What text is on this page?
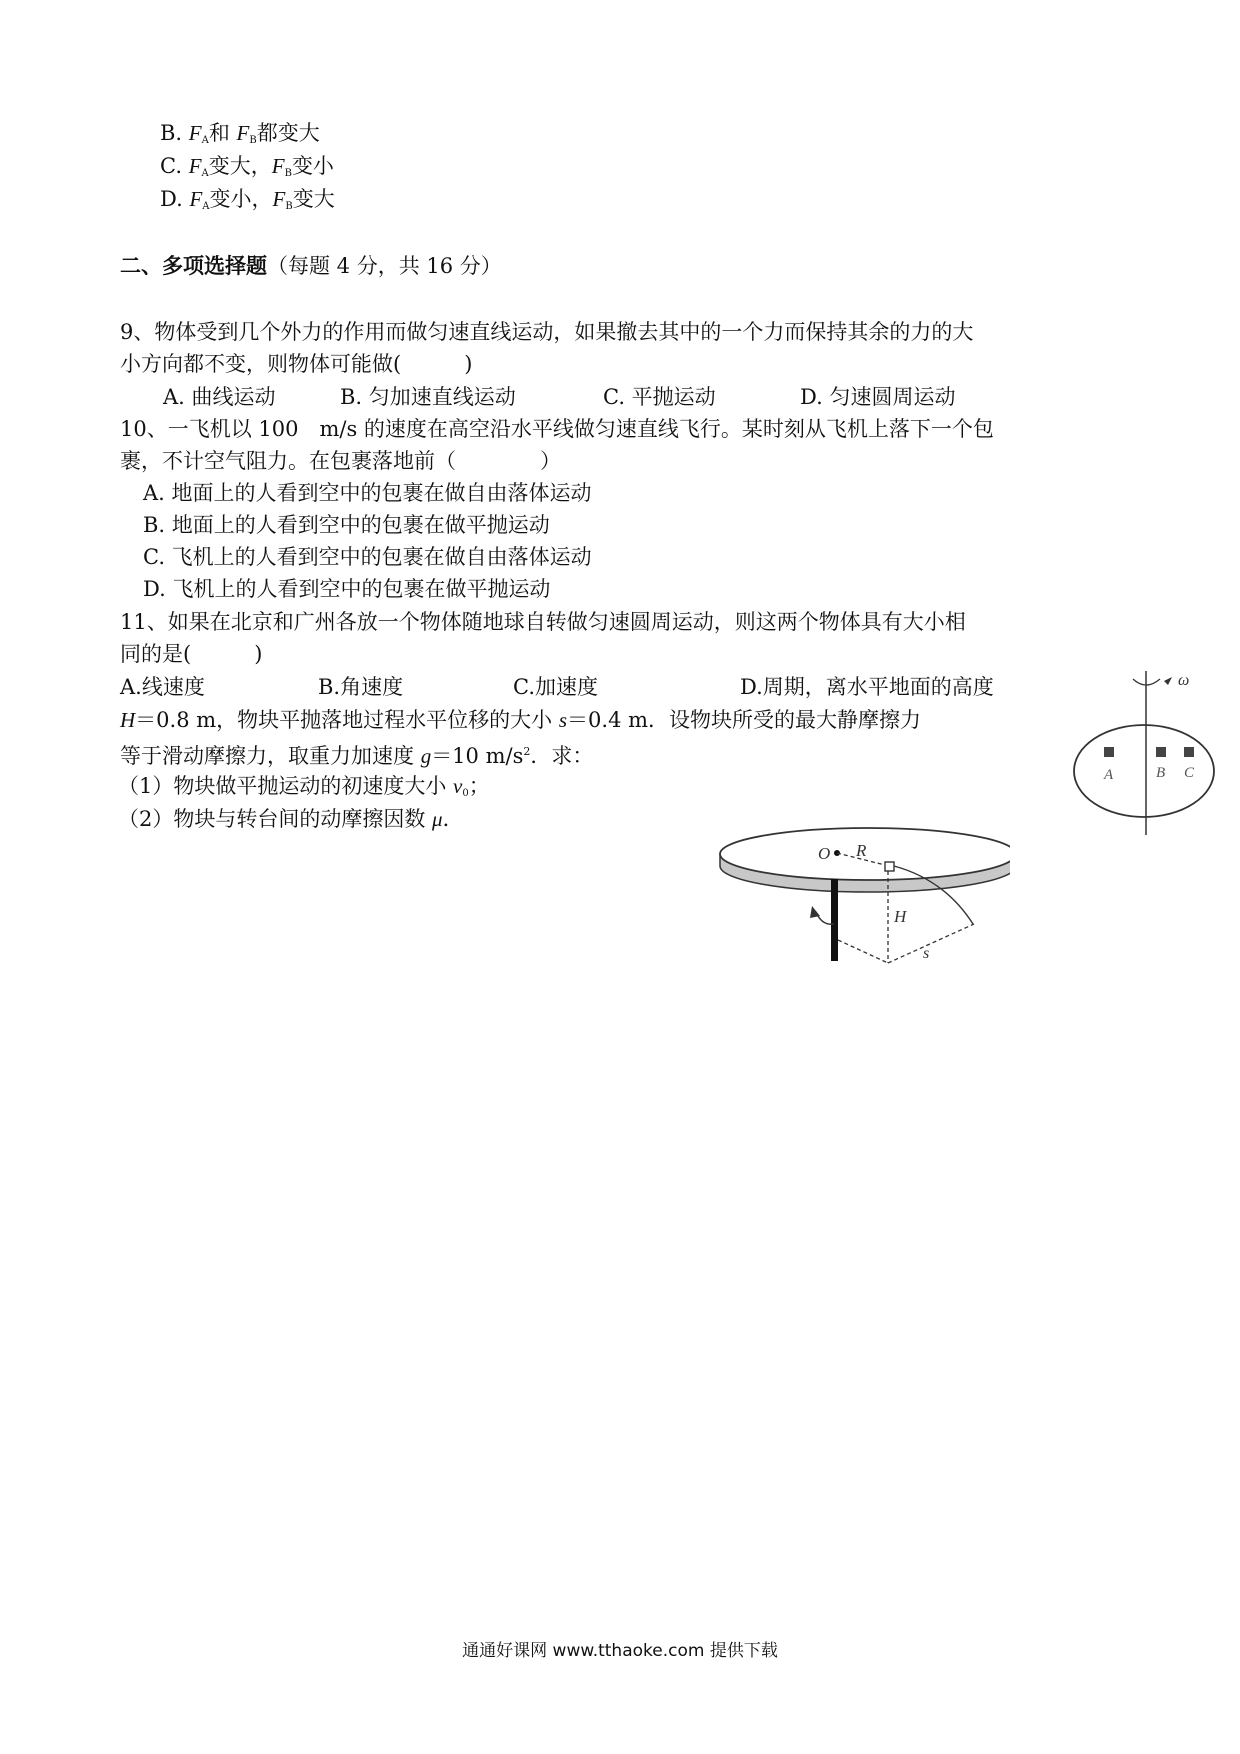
B. $F_A$和 $F_B$都变大
C. $F_A$变大，$F_B$变小
D. $F_A$变小，$F_B$变大
二、多项选择题（每题 4 分，共 16 分）
9、物体受到几个外力的作用而做匀速直线运动，如果撤去其中的一个力而保持其余的力的大
小方向都不变，则物体可能做(　　　)
A. 曲线运动	B. 匀加速直线运动	C. 平抛运动	D. 匀速圆周运动
10、一飞机以 100　m/s 的速度在高空沿水平线做匀速直线飞行。某时刻从飞机上落下一个包
裹，不计空气阻力。在包裹落地前（　　　　）
A. 地面上的人看到空中的包裹在做自由落体运动
B. 地面上的人看到空中的包裹在做平抛运动
C. 飞机上的人看到空中的包裹在做自由落体运动
D. 飞机上的人看到空中的包裹在做平抛运动
11、如果在北京和广州各放一个物体随地球自转做匀速圆周运动，则这两个物体具有大小相
同的是(　　　)
A.线速度	B.角速度	C.加速度	D.周期，离水平地面的高度
H＝0.8 m，物块平抛落地过程水平位移的大小 s＝0.4 m．设物块所受的最大静摩擦力
等于滑动摩擦力，取重力加速度 g＝10 $m/s^2$．求：
（1）物块做平抛运动的初速度大小 $v_0$；
（2）物块与转台间的动摩擦因数 μ．
ω
A	B C
O R
H
s
通通好课网 www.tthaoke.com 提供下载
